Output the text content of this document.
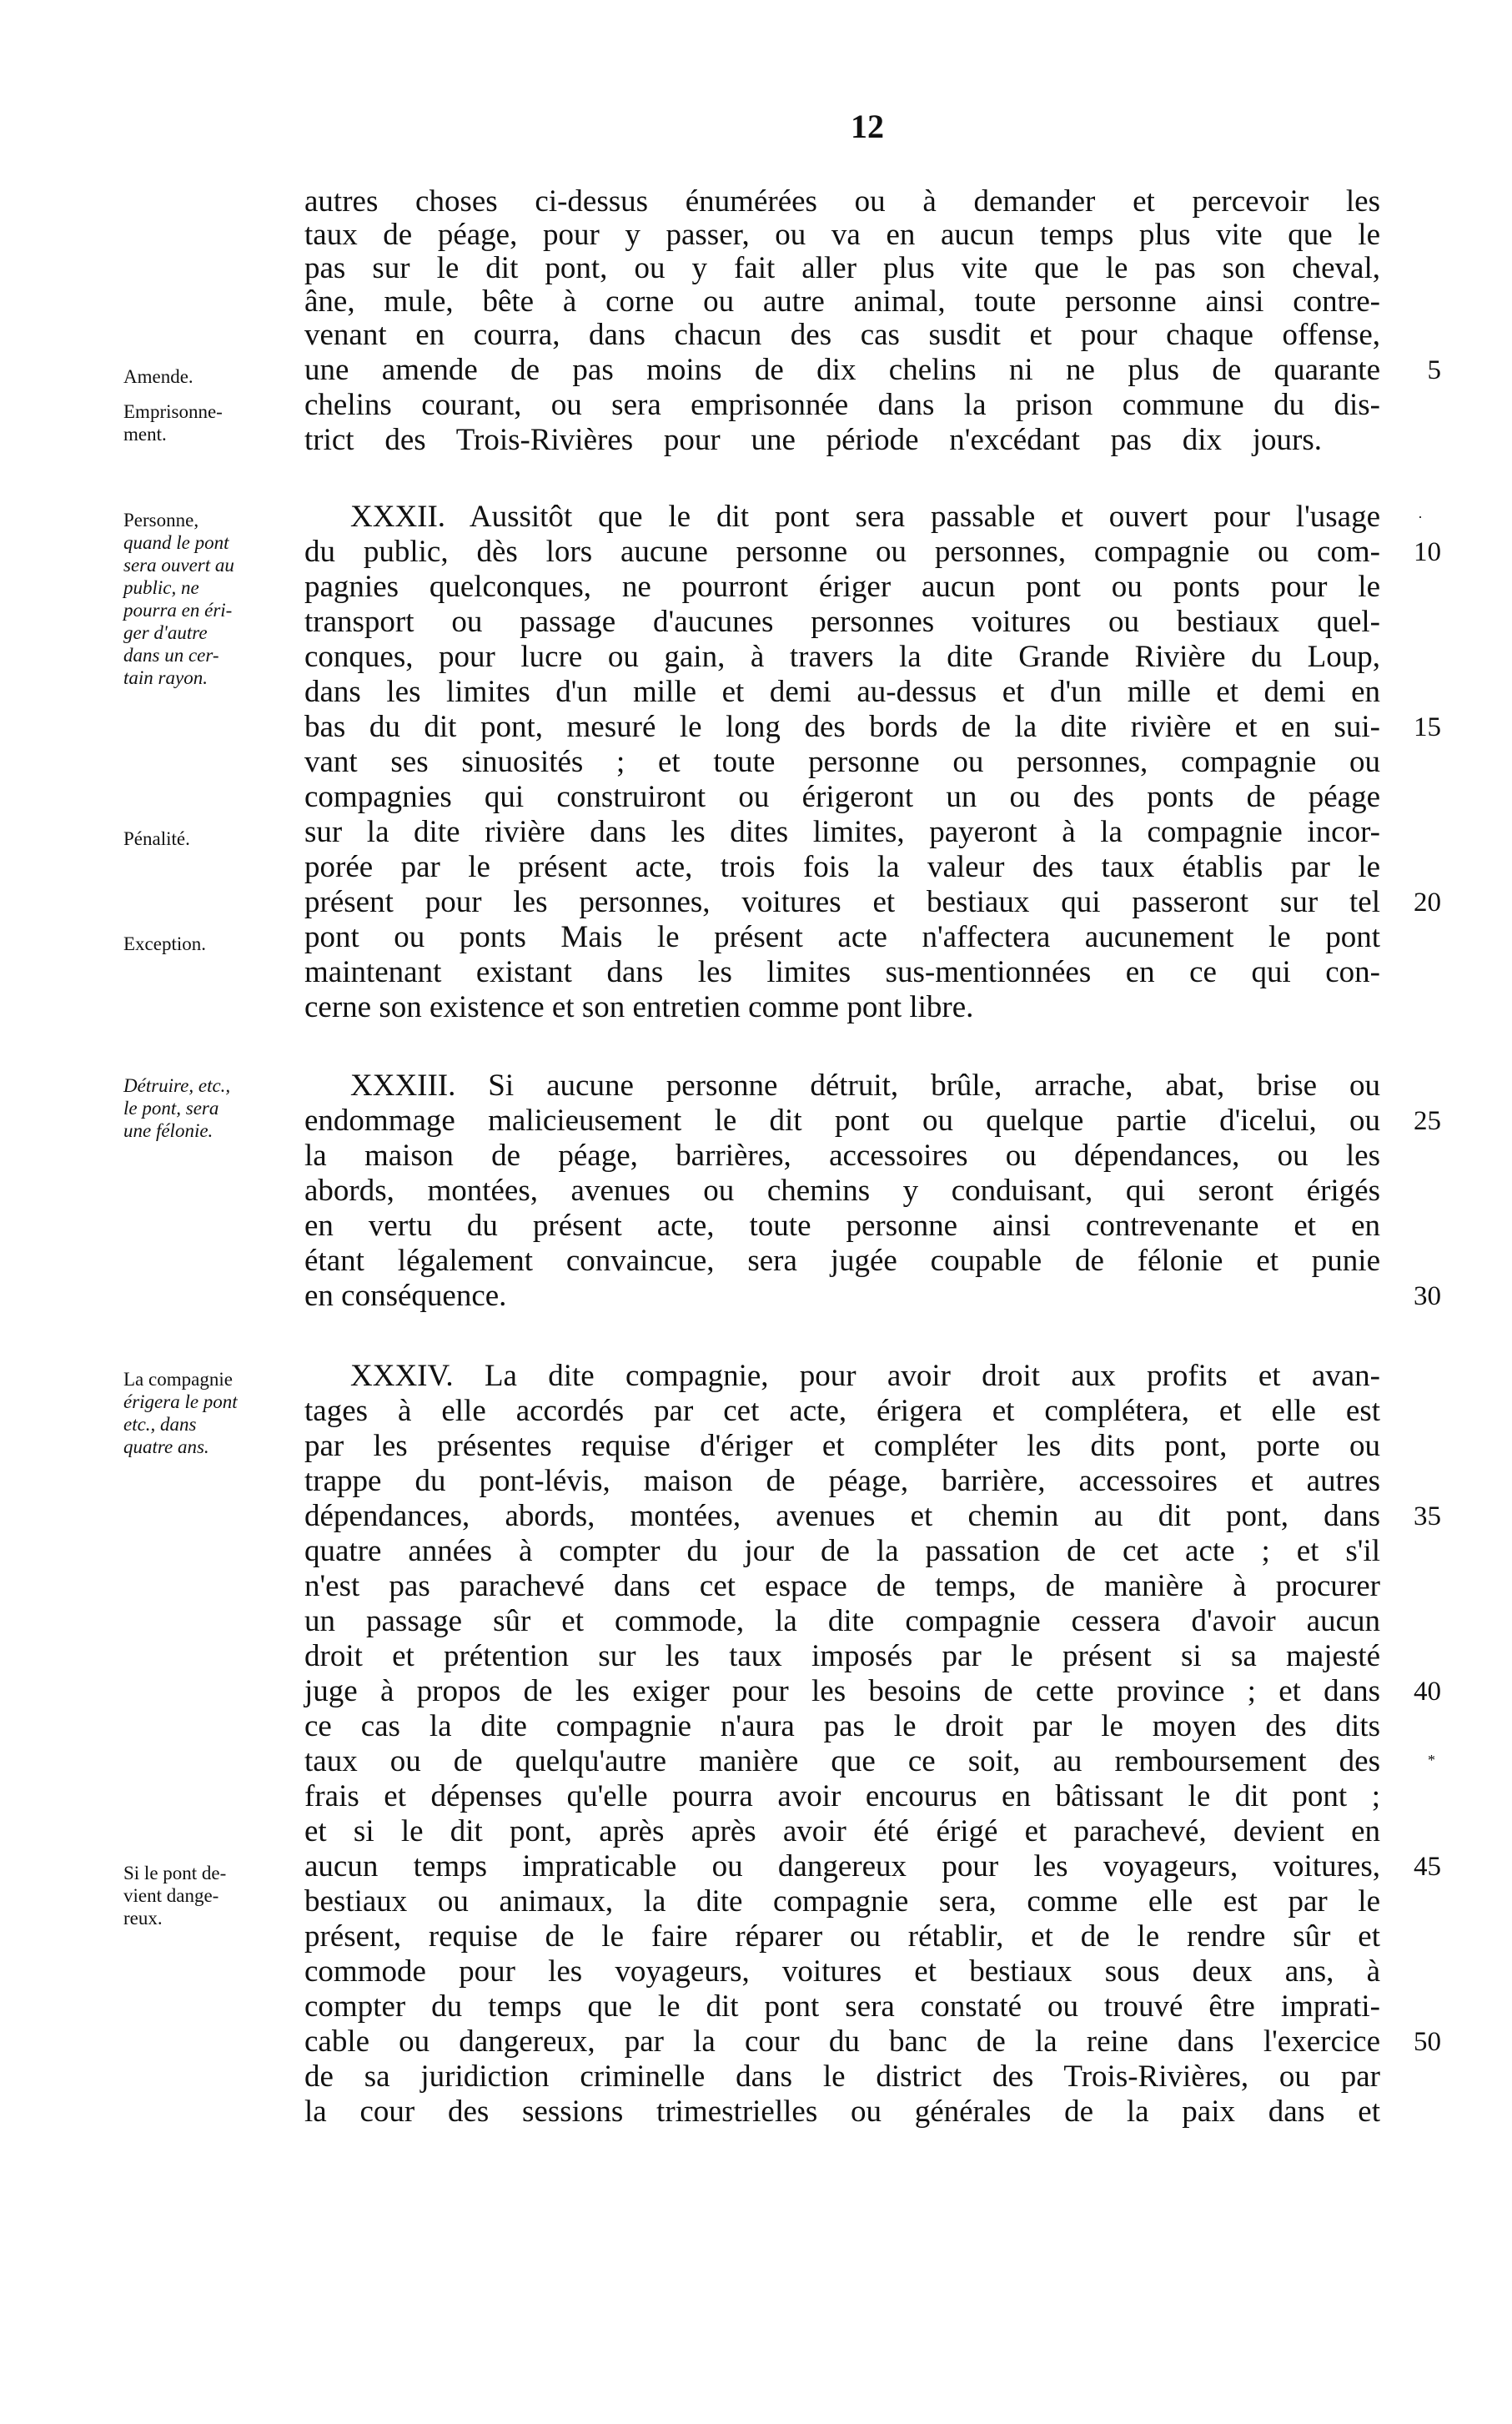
12
autres choses ci-dessus énumérées ou à demander et percevoir les
taux de péage, pour y passer, ou va en aucun temps plus vite que le
pas sur le dit pont, ou y fait aller plus vite que le pas son cheval,
âne, mule, bête à corne ou autre animal, toute personne ainsi contre-
venant en courra, dans chacun des cas susdit et pour chaque offense,
une amende de pas moins de dix chelins ni ne plus de quarante
chelins courant, ou sera emprisonnée dans la prison commune du dis-
trict des Trois-Rivières pour une période n'excédant pas dix jours.
XXXII. Aussitôt que le dit pont sera passable et ouvert pour l'usage
du public, dès lors aucune personne ou personnes, compagnie ou com-
pagnies quelconques, ne pourront ériger aucun pont ou ponts pour le
transport ou passage d'aucunes personnes voitures ou bestiaux quel-
conques, pour lucre ou gain, à travers la dite Grande Rivière du Loup,
dans les limites d'un mille et demi au-dessus et d'un mille et demi en
bas du dit pont, mesuré le long des bords de la dite rivière et en sui-
vant ses sinuosités ; et toute personne ou personnes, compagnie ou
compagnies qui construiront ou érigeront un ou des ponts de péage
sur la dite rivière dans les dites limites, payeront à la compagnie incor-
porée par le présent acte, trois fois la valeur des taux établis par le
présent pour les personnes, voitures et bestiaux qui passeront sur tel
pont ou ponts Mais le présent acte n'affectera aucunement le pont
maintenant existant dans les limites sus-mentionnées en ce qui con-
cerne son existence et son entretien comme pont libre.
XXXIII. Si aucune personne détruit, brûle, arrache, abat, brise ou
endommage malicieusement le dit pont ou quelque partie d'icelui, ou
la maison de péage, barrières, accessoires ou dépendances, ou les
abords, montées, avenues ou chemins y conduisant, qui seront érigés
en vertu du présent acte, toute personne ainsi contrevenante et en
étant légalement convaincue, sera jugée coupable de félonie et punie
en conséquence.
XXXIV. La dite compagnie, pour avoir droit aux profits et avan-
tages à elle accordés par cet acte, érigera et complétera, et elle est
par les présentes requise d'ériger et compléter les dits pont, porte ou
trappe du pont-lévis, maison de péage, barrière, accessoires et autres
dépendances, abords, montées, avenues et chemin au dit pont, dans
quatre années à compter du jour de la passation de cet acte ; et s'il
n'est pas parachevé dans cet espace de temps, de manière à procurer
un passage sûr et commode, la dite compagnie cessera d'avoir aucun
droit et prétention sur les taux imposés par le présent si sa majesté
juge à propos de les exiger pour les besoins de cette province ; et dans
ce cas la dite compagnie n'aura pas le droit par le moyen des dits
taux ou de quelqu'autre manière que ce soit, au remboursement des
frais et dépenses qu'elle pourra avoir encourus en bâtissant le dit pont ;
et si le dit pont, après après avoir été érigé et parachevé, devient en
aucun temps impraticable ou dangereux pour les voyageurs, voitures,
bestiaux ou animaux, la dite compagnie sera, comme elle est par le
présent, requise de le faire réparer ou rétablir, et de le rendre sûr et
commode pour les voyageurs, voitures et bestiaux sous deux ans, à
compter du temps que le dit pont sera constaté ou trouvé être imprati-
cable ou dangereux, par la cour du banc de la reine dans l'exercice
de sa juridiction criminelle dans le district des Trois-Rivières, ou par
la cour des sessions trimestrielles ou générales de la paix dans et
5
10
15
20
25
30
35
40
45
50
·
*
Amende.
Emprisonne-
ment.
Personne,
quand le pont
sera ouvert au
public, ne
pourra en éri-
ger d'autre
dans un cer-
tain rayon.
Pénalité.
Exception.
Détruire, etc.,
le pont, sera
une félonie.
La compagnie
érigera le pont
etc., dans
quatre ans.
Si le pont de-
vient dange-
reux.
